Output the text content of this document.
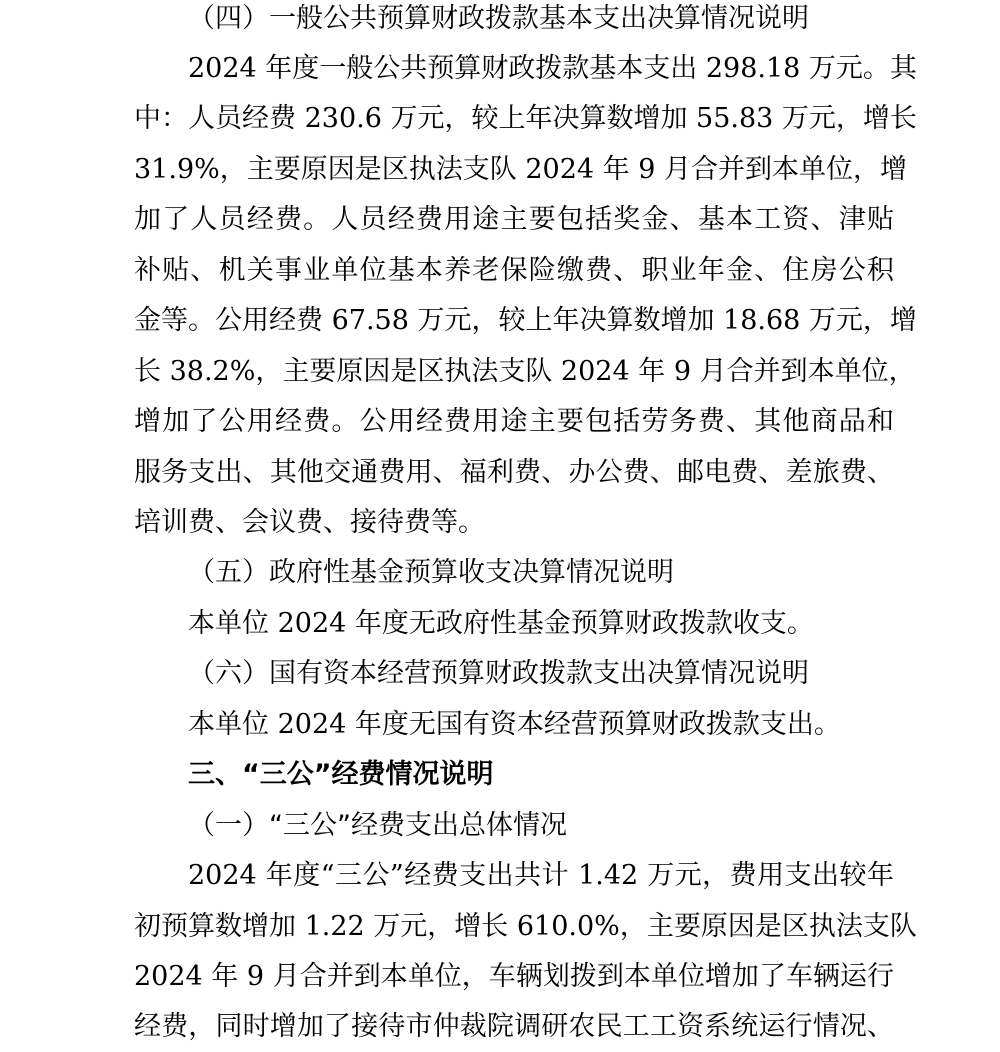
（四）一般公共预算财政拨款基本支出决算情况说明
2024 年度一般公共预算财政拨款基本支出 298.18 万元。其
中：人员经费 230.6 万元，较上年决算数增加 55.83 万元，增长
31.9%，主要原因是区执法支队 2024 年 9 月合并到本单位，增
加了人员经费。人员经费用途主要包括奖金、基本工资、津贴
补贴、机关事业单位基本养老保险缴费、职业年金、住房公积
金等。公用经费 67.58 万元，较上年决算数增加 18.68 万元，增
长 38.2%，主要原因是区执法支队 2024 年 9 月合并到本单位，
增加了公用经费。公用经费用途主要包括劳务费、其他商品和
服务支出、其他交通费用、福利费、办公费、邮电费、差旅费、
培训费、会议费、接待费等。
（五）政府性基金预算收支决算情况说明
本单位 2024 年度无政府性基金预算财政拨款收支。
（六）国有资本经营预算财政拨款支出决算情况说明
本单位 2024 年度无国有资本经营预算财政拨款支出。
三、“三公”经费情况说明
（一）“三公”经费支出总体情况
2024 年度“三公”经费支出共计 1.42 万元，费用支出较年
初预算数增加 1.22 万元，增长 610.0%，主要原因是区执法支队
2024 年 9 月合并到本单位，车辆划拨到本单位增加了车辆运行
经费，同时增加了接待市仲裁院调研农民工工资系统运行情况、
